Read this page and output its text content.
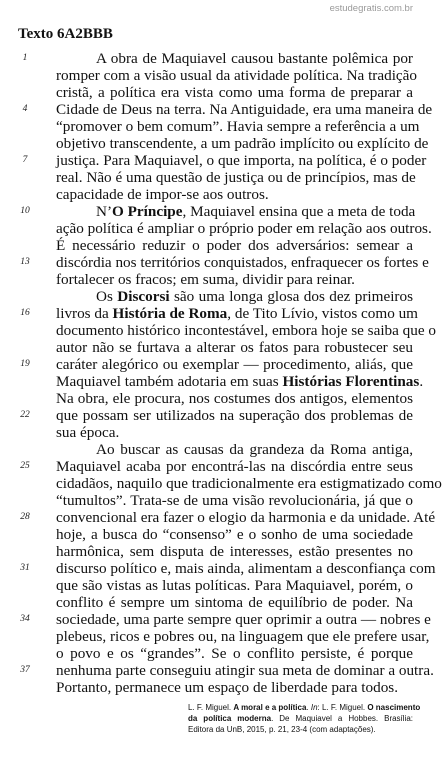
estudegratis.com.br
Texto 6A2BBB
A obra de Maquiavel causou bastante polêmica por
romper com a visão usual da atividade política. Na tradição
cristã, a política era vista como uma forma de preparar a
Cidade de Deus na terra. Na Antiguidade, era uma maneira de
“promover o bem comum”. Havia sempre a referência a um
objetivo transcendente, a um padrão implícito ou explícito de
justiça. Para Maquiavel, o que importa, na política, é o poder
real. Não é uma questão de justiça ou de princípios, mas de
capacidade de impor-se aos outros.
N’O Príncipe, Maquiavel ensina que a meta de toda
ação política é ampliar o próprio poder em relação aos outros.
É necessário reduzir o poder dos adversários: semear a
discórdia nos territórios conquistados, enfraquecer os fortes e
fortalecer os fracos; em suma, dividir para reinar.
Os Discorsi são uma longa glosa dos dez primeiros
livros da História de Roma, de Tito Lívio, vistos como um
documento histórico incontestável, embora hoje se saiba que o
autor não se furtava a alterar os fatos para robustecer seu
caráter alegórico ou exemplar — procedimento, aliás, que
Maquiavel também adotaria em suas Histórias Florentinas.
Na obra, ele procura, nos costumes dos antigos, elementos
que possam ser utilizados na superação dos problemas de
sua época.
Ao buscar as causas da grandeza da Roma antiga,
Maquiavel acaba por encontrá-las na discórdia entre seus
cidadãos, naquilo que tradicionalmente era estigmatizado como
“tumultos”. Trata-se de uma visão revolucionária, já que o
convencional era fazer o elogio da harmonia e da unidade. Até
hoje, a busca do “consenso” e o sonho de uma sociedade
harmônica, sem disputa de interesses, estão presentes no
discurso político e, mais ainda, alimentam a desconfiança com
que são vistas as lutas políticas. Para Maquiavel, porém, o
conflito é sempre um sintoma de equilíbrio de poder. Na
sociedade, uma parte sempre quer oprimir a outra — nobres e
plebeus, ricos e pobres ou, na linguagem que ele prefere usar,
o povo e os “grandes”. Se o conflito persiste, é porque
nenhuma parte conseguiu atingir sua meta de dominar a outra.
Portanto, permanece um espaço de liberdade para todos.
1
4
7
10
13
16
19
22
25
28
31
34
37
L. F. Miguel. A moral e a política. In: L. F. Miguel. O nascimento
da política moderna. De Maquiavel a Hobbes. Brasília:
Editora da UnB, 2015, p. 21, 23-4 (com adaptações).
